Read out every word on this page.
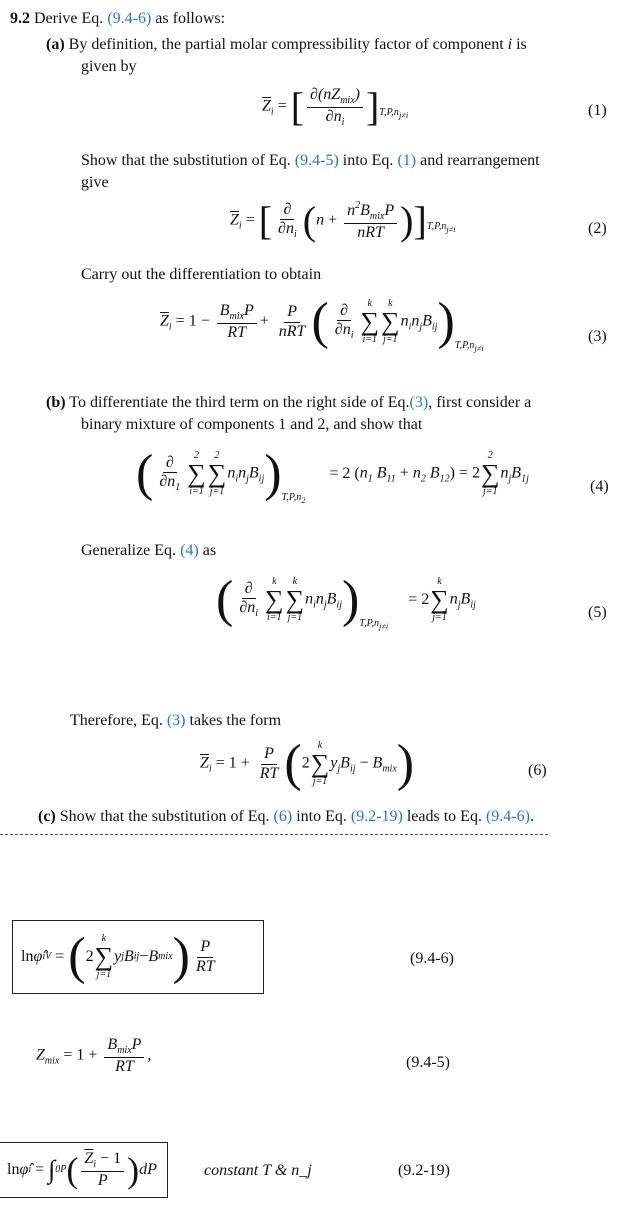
9.2 Derive Eq. (9.4-6) as follows:
(a) By definition, the partial molar compressibility factor of component i is
given by
$\overline{Z}_i$ = [ $\frac{\partial(nZ_{mix})}{\partial n_i} ]_{T,P,n_{j\ne i}}$	(1)
Show that the substitution of Eq. (9.4-5) into Eq. (1) and rearrangement
give
$\overline{Z}_i$ = [ $\frac{\partial}{\partial n_i} (n + \frac{n^2B_{mix}P}{\text{nRT}} )]_{T,P,n_{j\ne i}}$	(2)
Carry out the differentiation to obtain
$\overline{Z}_i = 1 - \frac{B_{mix}P}{RT} + \frac{P}{\text{nRT}}$ ( $\frac{\partial}{\partial n_i}$ k
∑
i=1
k
∑
j=1
$n_in_jB_{ij})_{T,P,n_{j\ne i}}$
(3)
(b) To differentiate the third term on the right side of Eq.(3), first consider a
binary mixture of components 1 and 2, and show that
( $\frac{\partial}{\partial n_1} 2$
∑
i=1
2
∑
j=1
$n_in_jB_{ij})_{T,P,n_2} = 2$ ($n_1$ $B_{11} + n_2$ $B_{12}) = 2$
2
∑
j=1
$n_jB_{1j}$	(4)
Generalize Eq. (4) as
( $\frac{\partial}{\partial n_i}$ k
∑
i=1
k
∑
j=1
$n_in_jB_{ij})_{T,P,n_{j\ne i}} = 2$
k
∑
j=1
$n_jB_{ij}$	(5)
Therefore, Eq. (3) takes the form
$\overline{Z}_i = 1 + \frac{P}{RT} (2$
k
∑
j=1
$y_jB_{ij} - B_{mix}$)	(6)
(c) Show that the substitution of Eq. (6) into Eq. (9.2-19) leads to Eq. (9.4-6).
ln φ̂ i V = ( 2
k
∑
j=1
y j B ij − B mix ) $\frac{P}{RT}$	(9.4-6)
$Z_{mix} = 1 + \frac{B_{mix}P}{RT}$ ,	(9.4-5)
ln φ̂ i = ∫ 0 P ( $\frac{\overline{Z}_i - 1}{P}$ ) dP	constant T & n_j	(9.2-19)
